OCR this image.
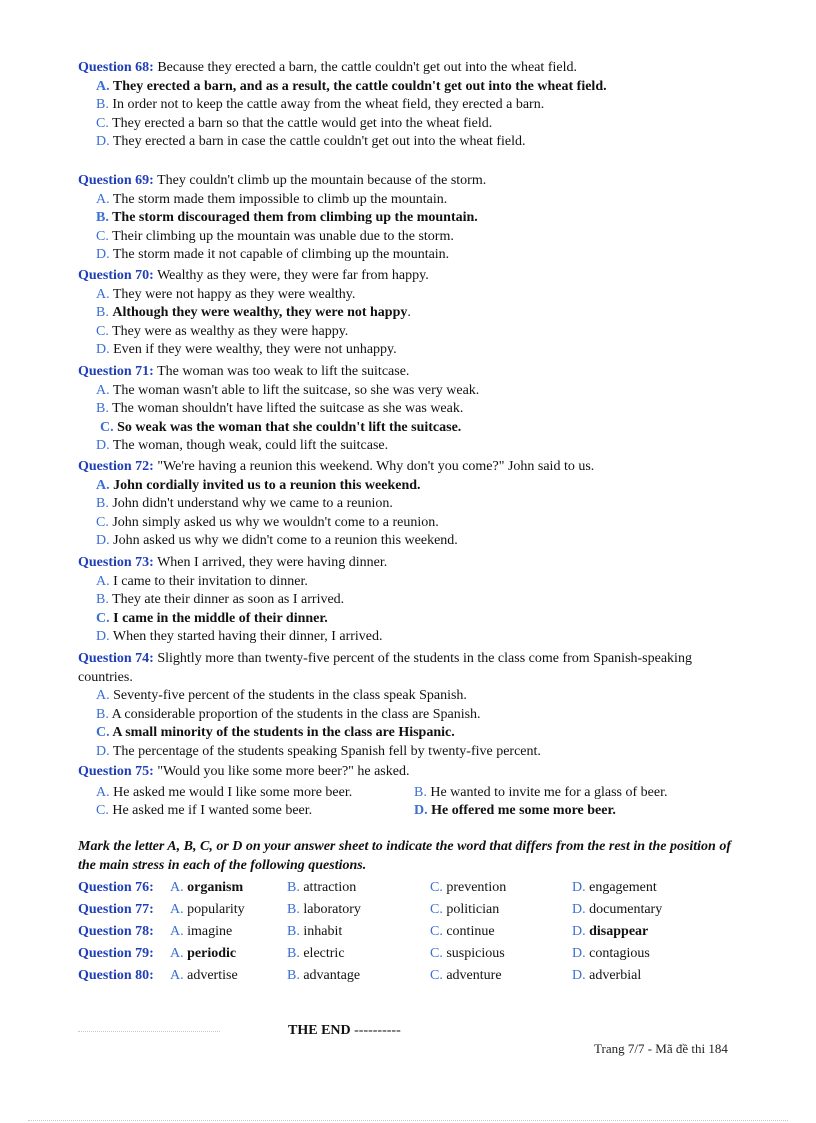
Question 68: Because they erected a barn, the cattle couldn't get out into the wheat field.
A. They erected a barn, and as a result, the cattle couldn't get out into the wheat field.
B. In order not to keep the cattle away from the wheat field, they erected a barn.
C. They erected a barn so that the cattle would get into the wheat field.
D. They erected a barn in case the cattle couldn't get out into the wheat field.
Question 69: They couldn't climb up the mountain because of the storm.
A. The storm made them impossible to climb up the mountain.
B. The storm discouraged them from climbing up the mountain.
C. Their climbing up the mountain was unable due to the storm.
D. The storm made it not capable of climbing up the mountain.
Question 70: Wealthy as they were, they were far from happy.
A. They were not happy as they were wealthy.
B. Although they were wealthy, they were not happy.
C. They were as wealthy as they were happy.
D. Even if they were wealthy, they were not unhappy.
Question 71: The woman was too weak to lift the suitcase.
A. The woman wasn't able to lift the suitcase, so she was very weak.
B. The woman shouldn't have lifted the suitcase as she was weak.
C. So weak was the woman that she couldn't lift the suitcase.
D. The woman, though weak, could lift the suitcase.
Question 72: "We're having a reunion this weekend. Why don't you come?" John said to us.
A. John cordially invited us to a reunion this weekend.
B. John didn't understand why we came to a reunion.
C. John simply asked us why we wouldn't come to a reunion.
D. John asked us why we didn't come to a reunion this weekend.
Question 73: When I arrived, they were having dinner.
A. I came to their invitation to dinner.
B. They ate their dinner as soon as I arrived.
C. I came in the middle of their dinner.
D. When they started having their dinner, I arrived.
Question 74: Slightly more than twenty-five percent of the students in the class come from Spanish-speaking countries.
A. Seventy-five percent of the students in the class speak Spanish.
B. A considerable proportion of the students in the class are Spanish.
C. A small minority of the students in the class are Hispanic.
D. The percentage of the students speaking Spanish fell by twenty-five percent.
Question 75: "Would you like some more beer?" he asked.
A. He asked me would I like some more beer.	B. He wanted to invite me for a glass of beer.
C. He asked me if I wanted some beer.	D. He offered me some more beer.
Mark the letter A, B, C, or D on your answer sheet to indicate the word that differs from the rest in the position of the main stress in each of the following questions.
Question 76:	A. organism	B. attraction	C. prevention	D. engagement
Question 77:	A. popularity	B. laboratory	C. politician	D. documentary
Question 78:	A. imagine	B. inhabit	C. continue	D. disappear
Question 79:	A. periodic	B. electric	C. suspicious	D. contagious
Question 80:	A. advertise	B. advantage	C. adventure	D. adverbial
THE END ----------
Trang 7/7 - Mã đề thi 184
